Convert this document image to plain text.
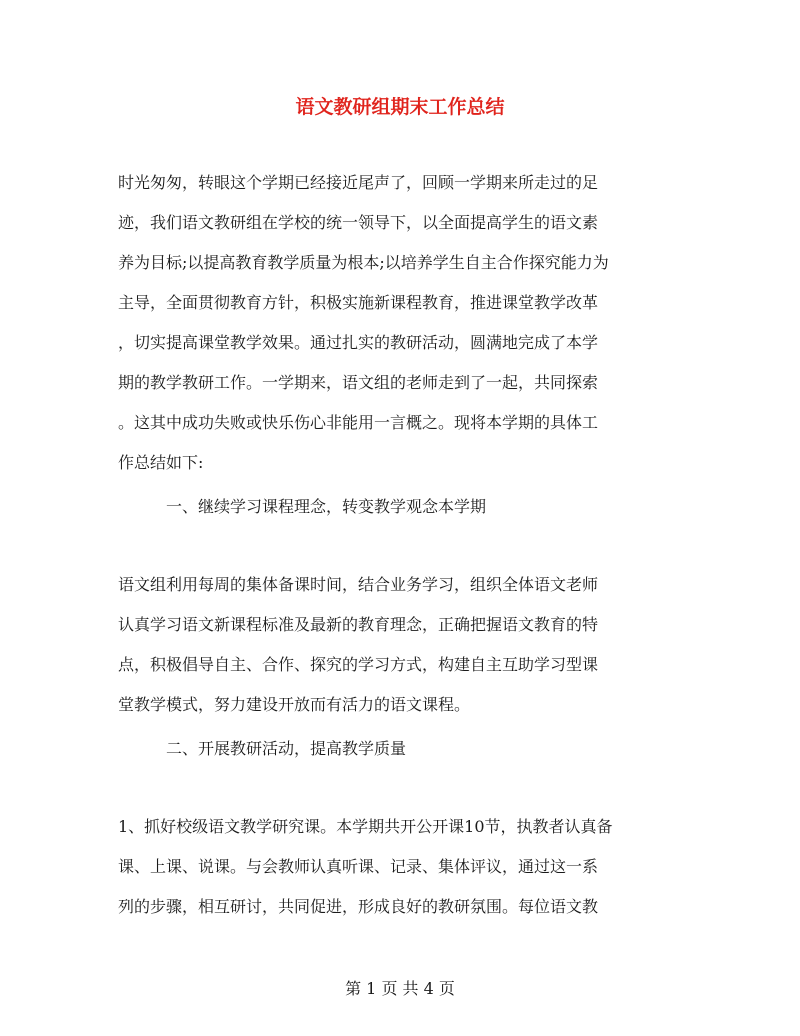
语文教研组期末工作总结
时光匆匆，转眼这个学期已经接近尾声了，回顾一学期来所走过的足
迹，我们语文教研组在学校的统一领导下，以全面提高学生的语文素
养为目标;以提高教育教学质量为根本;以培养学生自主合作探究能力为
主导，全面贯彻教育方针，积极实施新课程教育，推进课堂教学改革
，切实提高课堂教学效果。通过扎实的教研活动，圆满地完成了本学
期的教学教研工作。一学期来，语文组的老师走到了一起，共同探索
。这其中成功失败或快乐伤心非能用一言概之。现将本学期的具体工
作总结如下:
一、继续学习课程理念，转变教学观念本学期
语文组利用每周的集体备课时间，结合业务学习，组织全体语文老师
认真学习语文新课程标准及最新的教育理念，正确把握语文教育的特
点，积极倡导自主、合作、探究的学习方式，构建自主互助学习型课
堂教学模式，努力建设开放而有活力的语文课程。
二、开展教研活动，提高教学质量
1、抓好校级语文教学研究课。本学期共开公开课10节，执教者认真备
课、上课、说课。与会教师认真听课、记录、集体评议，通过这一系
列的步骤，相互研讨，共同促进，形成良好的教研氛围。每位语文教
第 1 页 共 4 页
